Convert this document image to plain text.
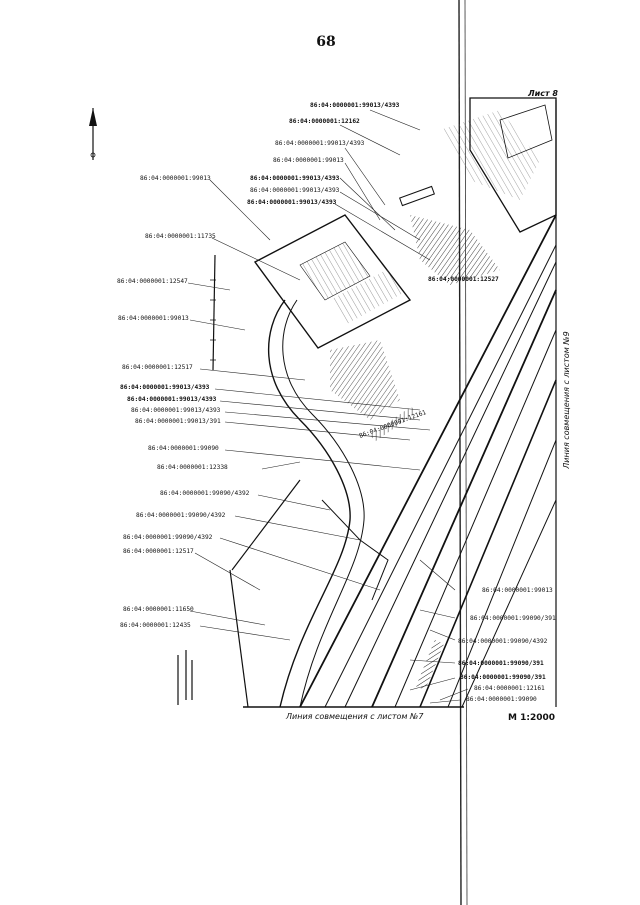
68
Лист 8
86:04:0000001:99013/4393
86:04:0000001:12162
86:04:0000001:99013/4393
86:04:0000001:99013
86:04:0000001:99013/4393
86:04:0000001:99013/4393
86:04:0000001:99013/4393
86:04:0000001:99013
86:04:0000001:11735
86:04:0000001:12547
86:04:0000001:99013
86:04:0000001:12517
86:04:0000001:99013/4393
86:04:0000001:99013/4393
86:04:0000001:99013/4393
86:04:0000001:99013/391
86:04:0000001:99090
86:04:0000001:12338
86:04:0000001:99090/4392
86:04:0000001:99090/4392
86:04:0000001:99090/4392
86:04:0000001:12517
86:04:0000001:11650
86:04:0000001:12435
86:04:0000001:12527
86:04:0000001:12161
86:04:0000001:99013
86:04:0000001:99090/391
86:04:0000001:99090/4392
86:04:0000001:99090/391
86:04:0000001:99090/391
86:04:0000001:12161
86:04:0000001:99090
Линия совмещения с листом №7
Линия совмещения с листом №9
М 1:2000
